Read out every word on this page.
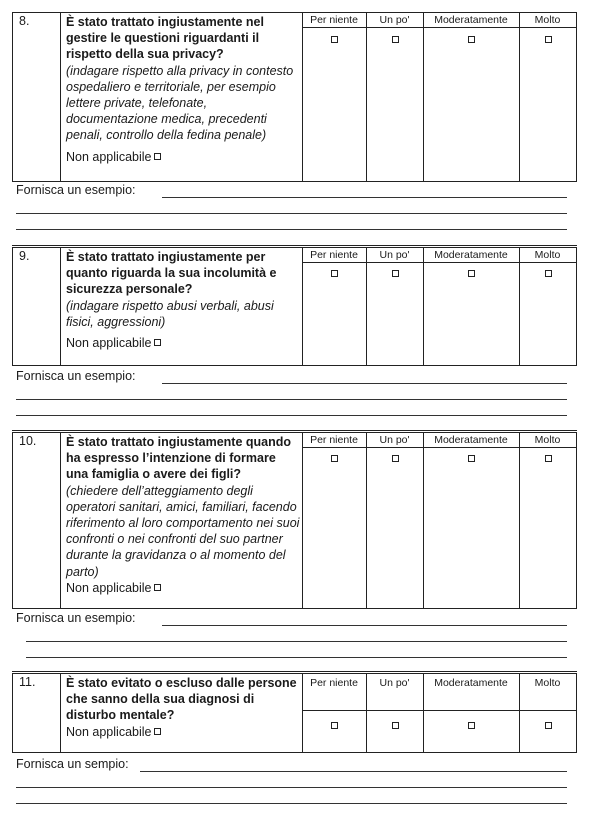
8.	È stato trattato ingiustamente nel gestire le questioni riguardanti il rispetto della sua privacy?
(indagare rispetto alla privacy in contesto ospedaliero e territoriale, per esempio lettere private, telefonate, documentazione medica, precedenti penali, controllo della fedina penale)
Non applicabile
Per niente	Un po'	Moderatamente	Molto
Fornisca un esempio:
9.	È stato trattato ingiustamente per quanto riguarda la sua incolumità e sicurezza personale?
(indagare rispetto abusi verbali, abusi fisici, aggressioni)
Non applicabile
Per niente	Un po'	Moderatamente	Molto
Fornisca un esempio:
10. È stato trattato ingiustamente quando ha espresso l’intenzione di formare una famiglia o avere dei figli?
(chiedere dell’atteggiamento degli operatori sanitari, amici, familiari, facendo riferimento al loro comportamento nei suoi confronti o nei confronti del suo partner durante la gravidanza o al momento del parto)
Non applicabile
Per niente	Un po'	Moderatamente	Molto
Fornisca un esempio:
11. È stato evitato o escluso dalle persone che sanno della sua diagnosi di disturbo mentale?
Non applicabile
Per niente	Un po'	Moderatamente	Molto
Fornisca un sempio:
